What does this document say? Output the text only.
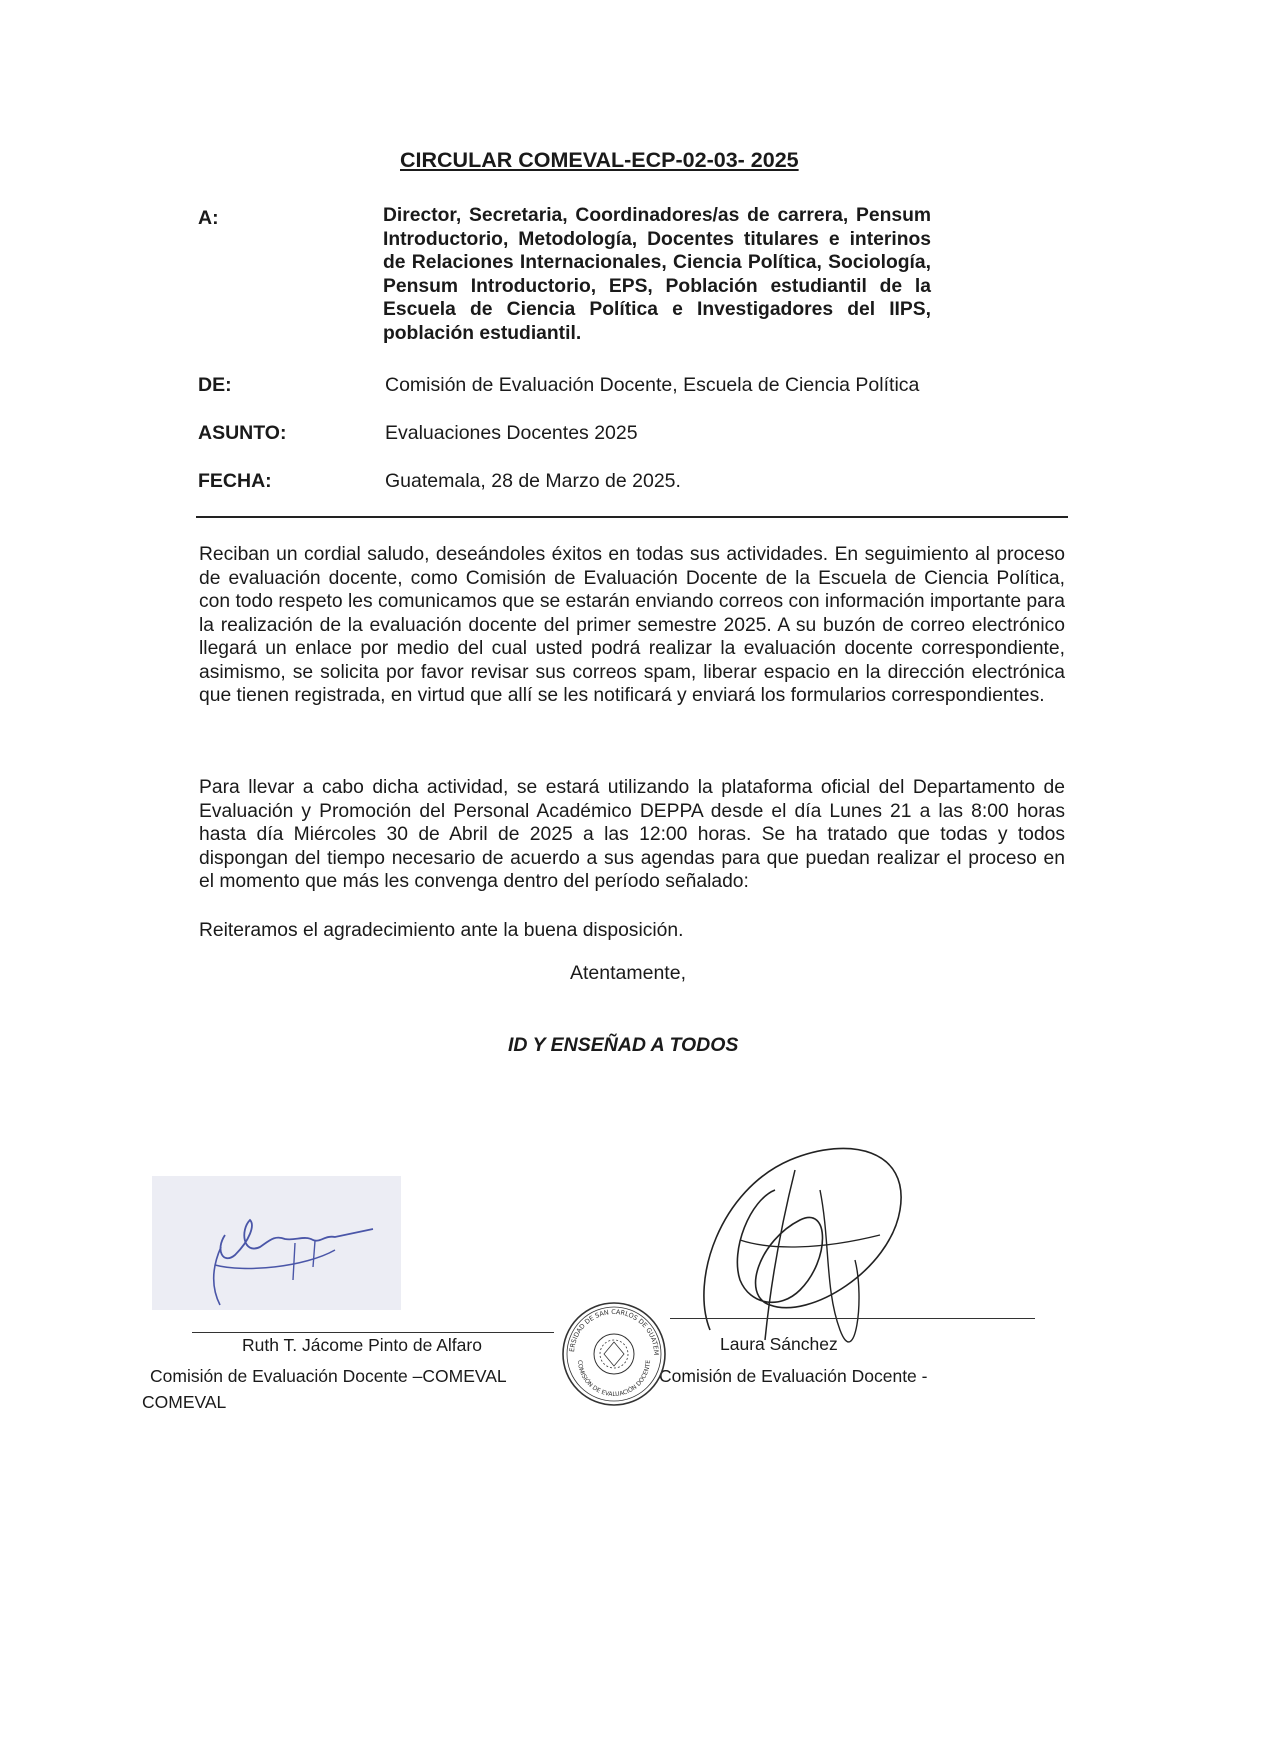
CIRCULAR COMEVAL-ECP-02-03- 2025
A:	Director, Secretaria, Coordinadores/as de carrera, Pensum Introductorio, Metodología, Docentes titulares e interinos de Relaciones Internacionales, Ciencia Política, Sociología, Pensum Introductorio, EPS, Población estudiantil de la Escuela de Ciencia Política e Investigadores del IIPS, población estudiantil.
DE:	Comisión de Evaluación Docente, Escuela de Ciencia Política
ASUNTO:	Evaluaciones Docentes 2025
FECHA:	Guatemala, 28 de Marzo de 2025.
Reciban un cordial saludo, deseándoles éxitos en todas sus actividades. En seguimiento al proceso de evaluación docente, como Comisión de Evaluación Docente de la Escuela de Ciencia Política, con todo respeto les comunicamos que se estarán enviando correos con información importante para la realización de la evaluación docente del primer semestre 2025. A su buzón de correo electrónico llegará un enlace por medio del cual usted podrá realizar la evaluación docente correspondiente, asimismo, se solicita por favor revisar sus correos spam, liberar espacio en la dirección electrónica que tienen registrada, en virtud que allí se les notificará y enviará los formularios correspondientes.
Para llevar a cabo dicha actividad, se estará utilizando la plataforma oficial del Departamento de Evaluación y Promoción del Personal Académico DEPPA desde el día Lunes 21 a las 8:00 horas hasta día Miércoles 30 de Abril de 2025 a las 12:00 horas. Se ha tratado que todas y todos dispongan del tiempo necesario de acuerdo a sus agendas para que puedan realizar el proceso en el momento que más les convenga dentro del período señalado:
Reiteramos el agradecimiento ante la buena disposición.
Atentamente,
ID Y ENSEÑAD A TODOS
Ruth T. Jácome Pinto de Alfaro
Comisión de Evaluación Docente –COMEVAL
COMEVAL
Laura Sánchez
Comisión de Evaluación Docente -
UNIVERSIDAD DE SAN CARLOS DE GUATEMALA
COMISIÓN DE EVALUACIÓN DOCENTE
